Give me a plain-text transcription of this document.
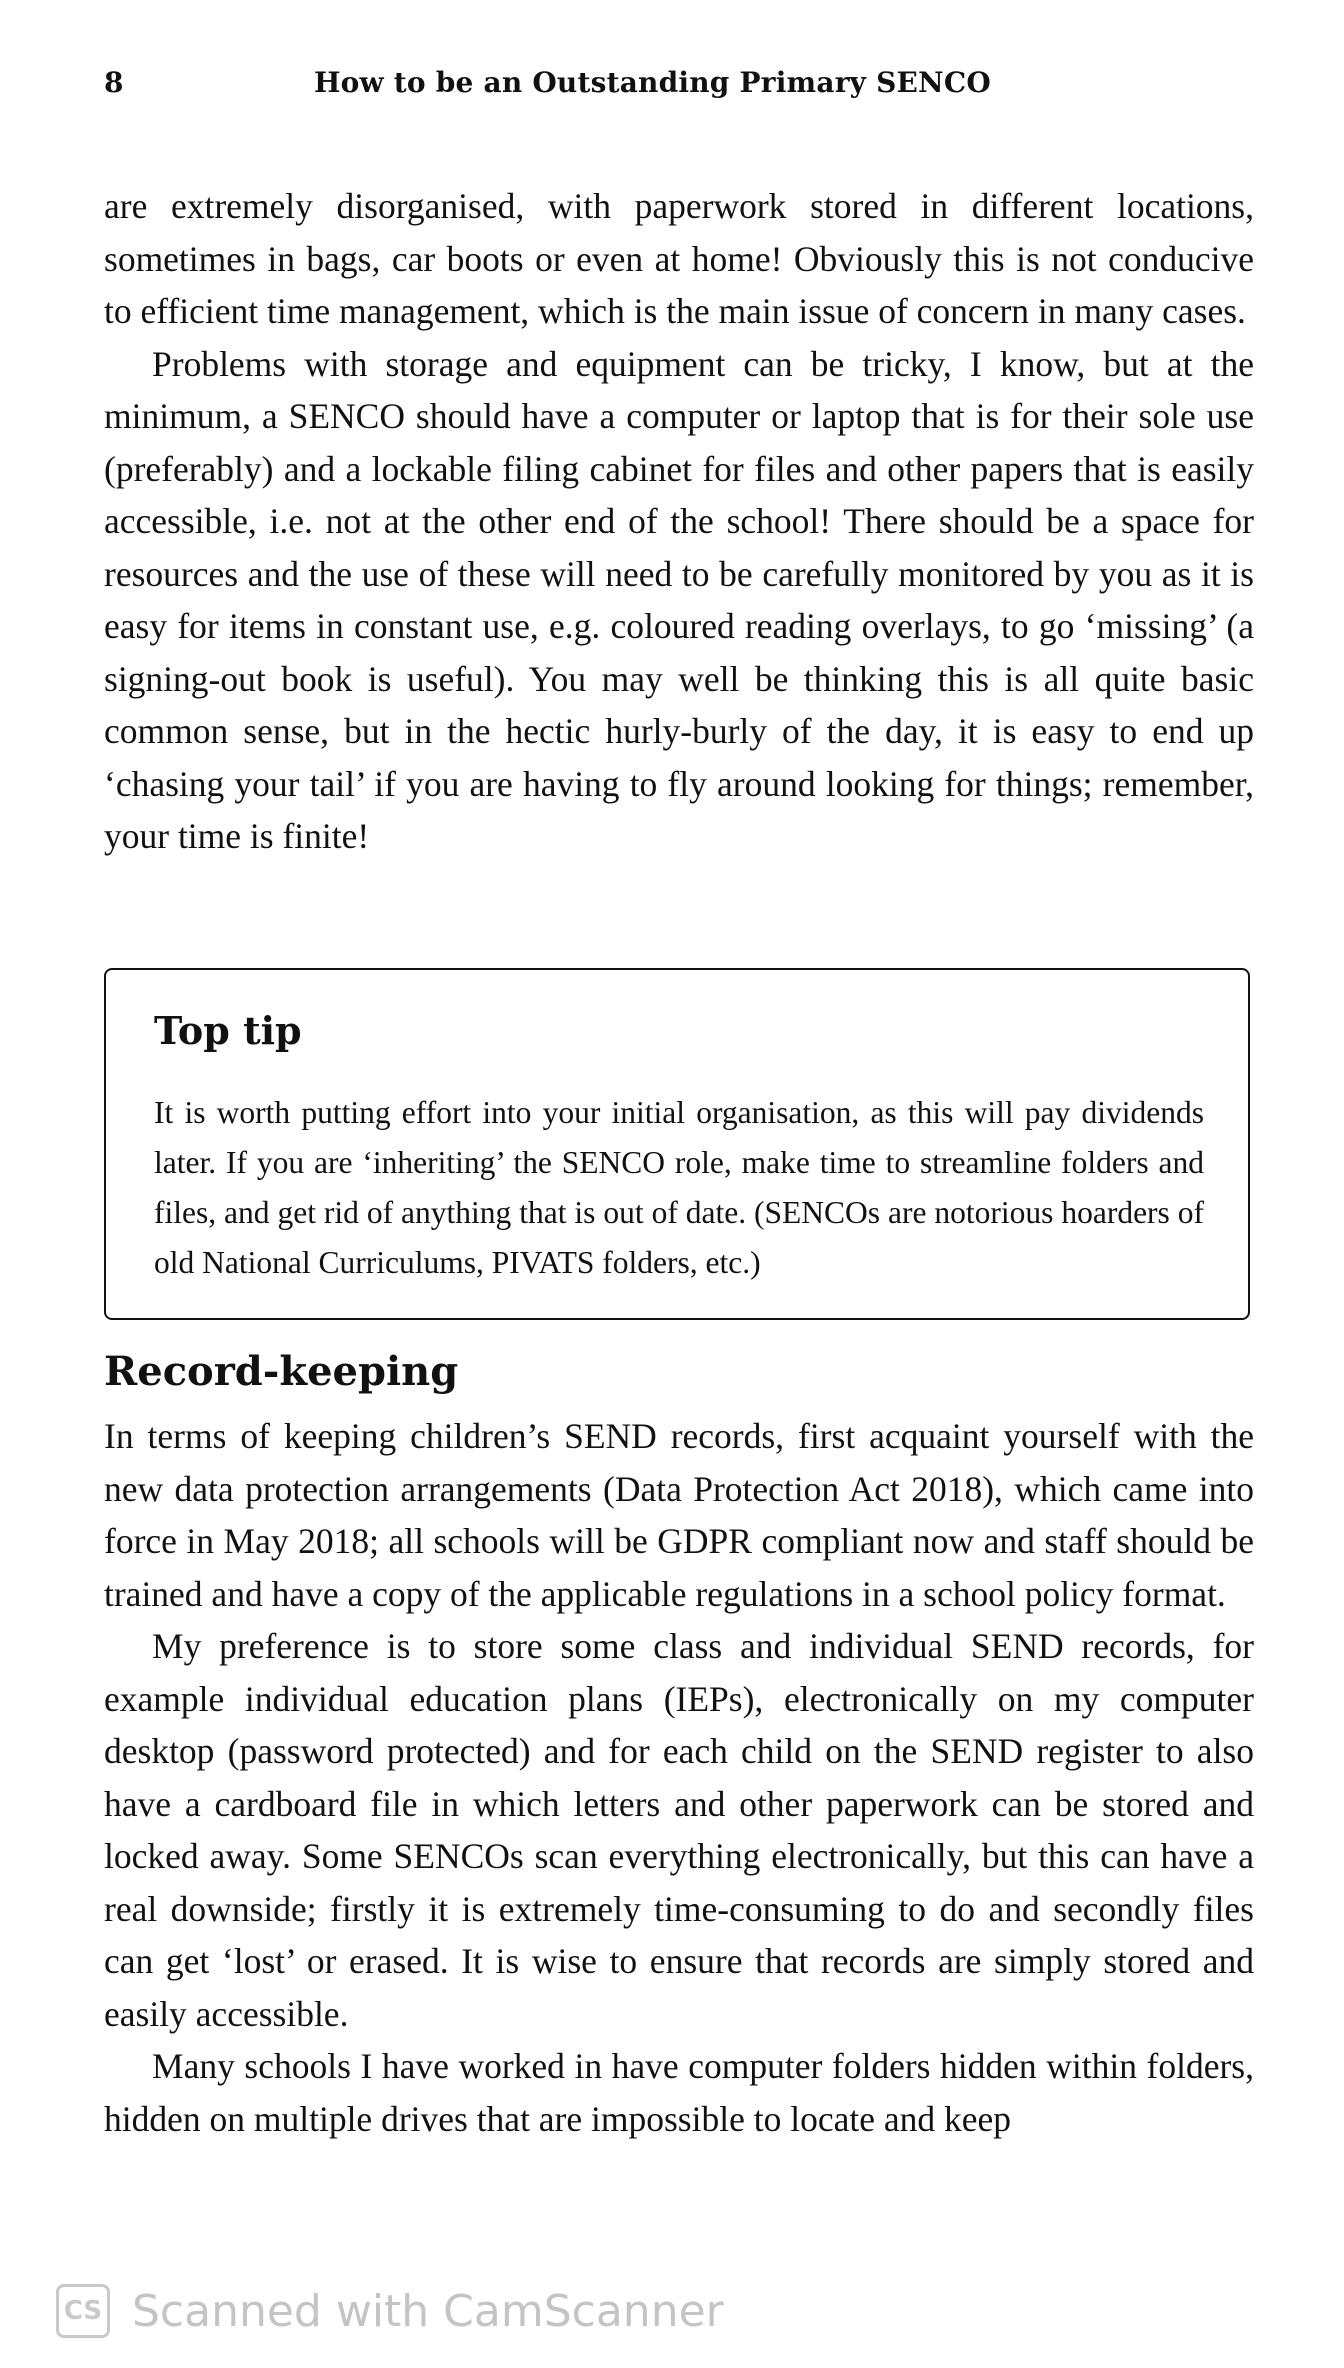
8	How to be an Outstanding Primary SENCO

are extremely disorganised, with paperwork stored in different locations, sometimes in bags, car boots or even at home! Obviously this is not conducive to efficient time management, which is the main issue of concern in many cases.

Problems with storage and equipment can be tricky, I know, but at the minimum, a SENCO should have a computer or laptop that is for their sole use (preferably) and a lockable filing cabinet for files and other papers that is easily accessible, i.e. not at the other end of the school! There should be a space for resources and the use of these will need to be carefully monitored by you as it is easy for items in constant use, e.g. coloured reading overlays, to go ‘missing’ (a signing-out book is useful). You may well be thinking this is all quite basic common sense, but in the hectic hurly-burly of the day, it is easy to end up ‘chasing your tail’ if you are having to fly around looking for things; remember, your time is finite!

Top tip

It is worth putting effort into your initial organisation, as this will pay dividends later. If you are ‘inheriting’ the SENCO role, make time to streamline folders and files, and get rid of anything that is out of date. (SENCOs are notorious hoarders of old National Curriculums, PIVATS folders, etc.)

Record-keeping

In terms of keeping children’s SEND records, first acquaint yourself with the new data protection arrangements (Data Protection Act 2018), which came into force in May 2018; all schools will be GDPR compliant now and staff should be trained and have a copy of the applicable regulations in a school policy format.

My preference is to store some class and individual SEND records, for example individual education plans (IEPs), electronically on my computer desktop (password protected) and for each child on the SEND register to also have a cardboard file in which letters and other paperwork can be stored and locked away. Some SENCOs scan everything electronically, but this can have a real downside; firstly it is extremely time-consuming to do and secondly files can get ‘lost’ or erased. It is wise to ensure that records are simply stored and easily accessible.

Many schools I have worked in have computer folders hidden within folders, hidden on multiple drives that are impossible to locate and keep

CS Scanned with CamScanner
